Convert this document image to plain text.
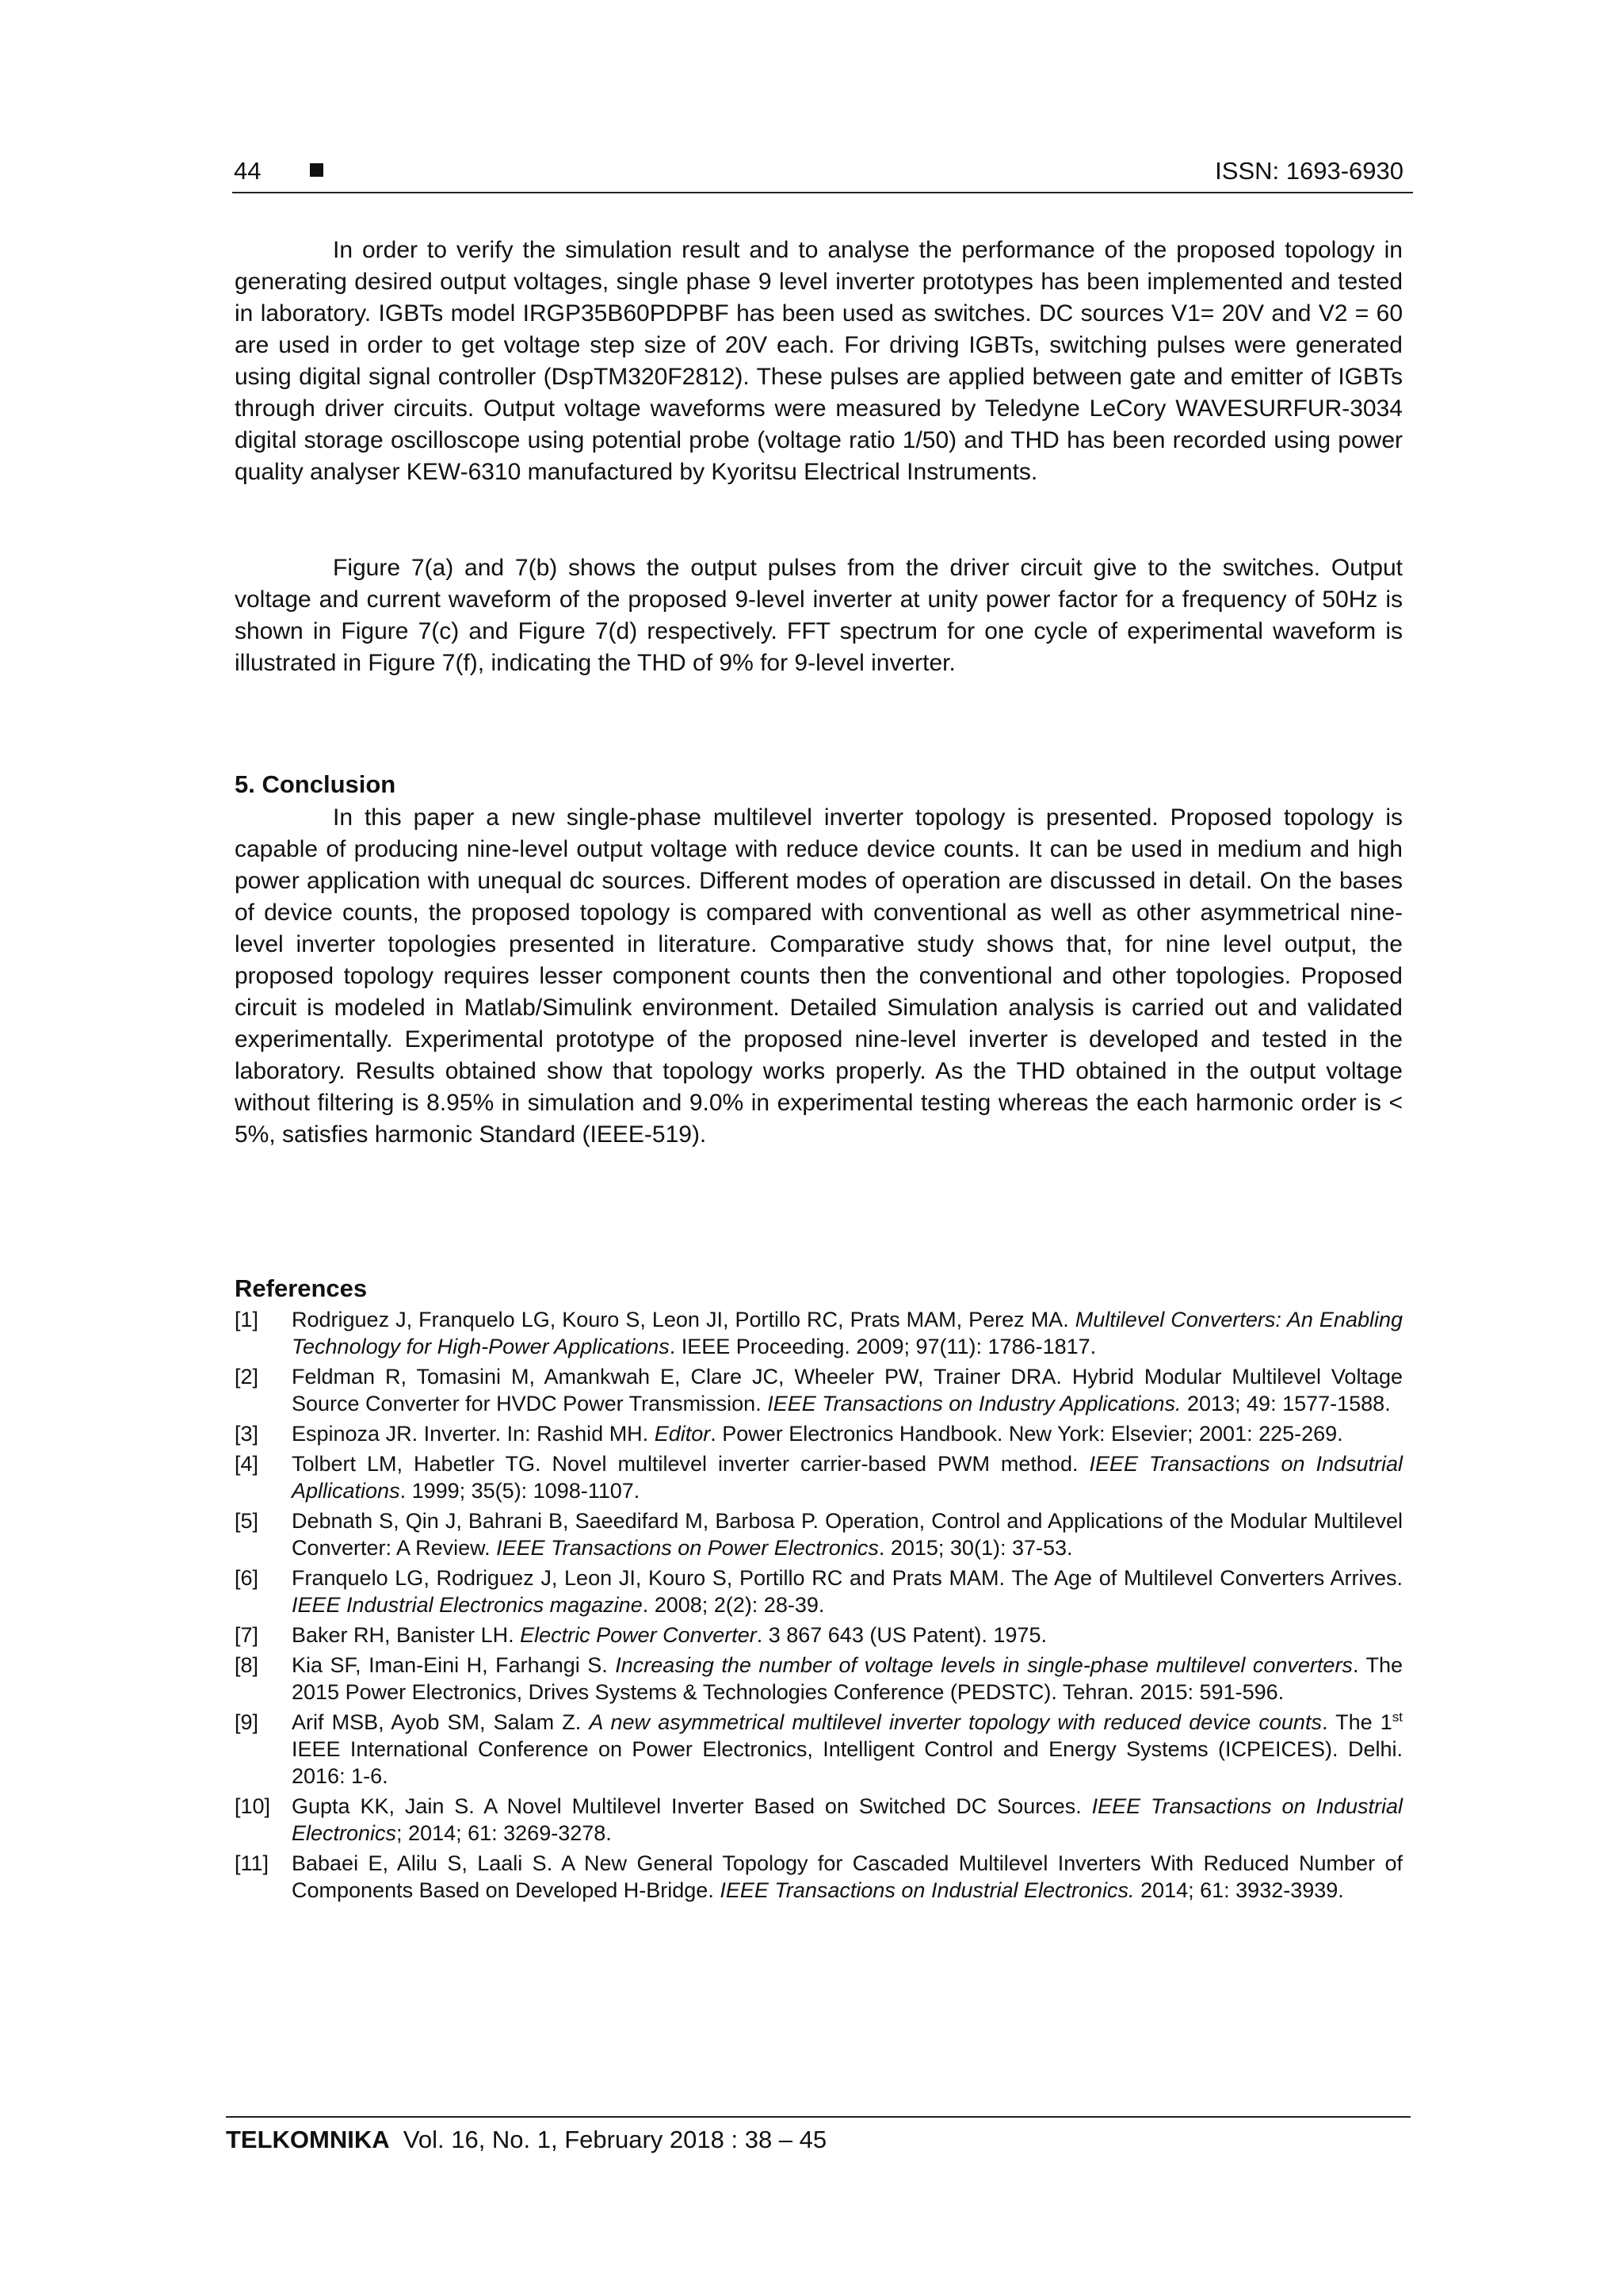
44	ISSN: 1693-6930

In order to verify the simulation result and to analyse the performance of the proposed topology in generating desired output voltages, single phase 9 level inverter prototypes has been implemented and tested in laboratory. IGBTs model IRGP35B60PDPBF has been used as switches. DC sources V1= 20V and V2 = 60 are used in order to get voltage step size of 20V each. For driving IGBTs, switching pulses were generated using digital signal controller (DspTM320F2812). These pulses are applied between gate and emitter of IGBTs through driver circuits. Output voltage waveforms were measured by Teledyne LeCory WAVESURFUR-3034 digital storage oscilloscope using potential probe (voltage ratio 1/50) and THD has been recorded using power quality analyser KEW-6310 manufactured by Kyoritsu Electrical Instruments.

Figure 7(a) and 7(b) shows the output pulses from the driver circuit give to the switches. Output voltage and current waveform of the proposed 9-level inverter at unity power factor for a frequency of 50Hz is shown in Figure 7(c) and Figure 7(d) respectively. FFT spectrum for one cycle of experimental waveform is illustrated in Figure 7(f), indicating the THD of 9% for 9-level inverter.

5. Conclusion

In this paper a new single-phase multilevel inverter topology is presented. Proposed topology is capable of producing nine-level output voltage with reduce device counts. It can be used in medium and high power application with unequal dc sources. Different modes of operation are discussed in detail. On the bases of device counts, the proposed topology is compared with conventional as well as other asymmetrical nine-level inverter topologies presented in literature. Comparative study shows that, for nine level output, the proposed topology requires lesser component counts then the conventional and other topologies. Proposed circuit is modeled in Matlab/Simulink environment. Detailed Simulation analysis is carried out and validated experimentally. Experimental prototype of the proposed nine-level inverter is developed and tested in the laboratory. Results obtained show that topology works properly. As the THD obtained in the output voltage without filtering is 8.95% in simulation and 9.0% in experimental testing whereas the each harmonic order is < 5%, satisfies harmonic Standard (IEEE-519).

References
[1] Rodriguez J, Franquelo LG, Kouro S, Leon JI, Portillo RC, Prats MAM, Perez MA. Multilevel Converters: An Enabling Technology for High-Power Applications. IEEE Proceeding. 2009; 97(11): 1786-1817.
[2] Feldman R, Tomasini M, Amankwah E, Clare JC, Wheeler PW, Trainer DRA. Hybrid Modular Multilevel Voltage Source Converter for HVDC Power Transmission. IEEE Transactions on Industry Applications. 2013; 49: 1577-1588.
[3] Espinoza JR. Inverter. In: Rashid MH. Editor. Power Electronics Handbook. New York: Elsevier; 2001: 225-269.
[4] Tolbert LM, Habetler TG. Novel multilevel inverter carrier-based PWM method. IEEE Transactions on Indsutrial Apllications. 1999; 35(5): 1098-1107.
[5] Debnath S, Qin J, Bahrani B, Saeedifard M, Barbosa P. Operation, Control and Applications of the Modular Multilevel Converter: A Review. IEEE Transactions on Power Electronics. 2015; 30(1): 37-53.
[6] Franquelo LG, Rodriguez J, Leon JI, Kouro S, Portillo RC and Prats MAM. The Age of Multilevel Converters Arrives. IEEE Industrial Electronics magazine. 2008; 2(2): 28-39.
[7] Baker RH, Banister LH. Electric Power Converter. 3 867 643 (US Patent). 1975.
[8] Kia SF, Iman-Eini H, Farhangi S. Increasing the number of voltage levels in single-phase multilevel converters. The 2015 Power Electronics, Drives Systems & Technologies Conference (PEDSTC). Tehran. 2015: 591-596.
[9] Arif MSB, Ayob SM, Salam Z. A new asymmetrical multilevel inverter topology with reduced device counts. The 1st IEEE International Conference on Power Electronics, Intelligent Control and Energy Systems (ICPEICES). Delhi. 2016: 1-6.
[10] Gupta KK, Jain S. A Novel Multilevel Inverter Based on Switched DC Sources. IEEE Transactions on Industrial Electronics; 2014; 61: 3269-3278.
[11] Babaei E, Alilu S, Laali S. A New General Topology for Cascaded Multilevel Inverters With Reduced Number of Components Based on Developed H-Bridge. IEEE Transactions on Industrial Electronics. 2014; 61: 3932-3939.
TELKOMNIKA Vol. 16, No. 1, February 2018 : 38 – 45
